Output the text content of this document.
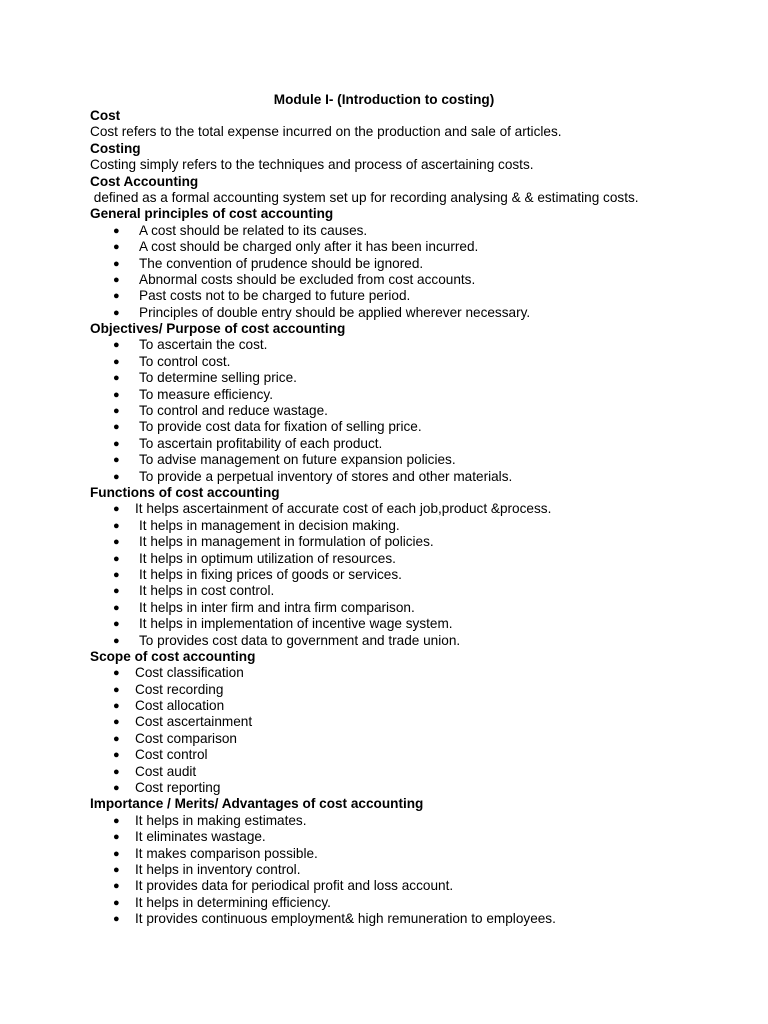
Module I- (Introduction to costing)
Cost
Cost refers to the total expense incurred on the production and sale of articles.
Costing
Costing simply refers to the techniques and process of ascertaining costs.
Cost Accounting
defined as a formal accounting system set up for recording analysing & & estimating costs.
General principles of cost accounting
● A cost should be related to its causes.
● A cost should be charged only after it has been incurred.
● The convention of prudence should be ignored.
● Abnormal costs should be excluded from cost accounts.
● Past costs not to be charged to future period.
● Principles of double entry should be applied wherever necessary.
Objectives/ Purpose of cost accounting
● To ascertain the cost.
● To control cost.
● To determine selling price.
● To measure efficiency.
● To control and reduce wastage.
● To provide cost data for fixation of selling price.
● To ascertain profitability of each product.
● To advise management on future expansion policies.
● To provide a perpetual inventory of stores and other materials.
Functions of cost accounting
● It helps ascertainment of accurate cost of each job,product &process.
● It helps in management in decision making.
● It helps in management in formulation of policies.
● It helps in optimum utilization of resources.
● It helps in fixing prices of goods or services.
● It helps in cost control.
● It helps in inter firm and intra firm comparison.
● It helps in implementation of incentive wage system.
● To provides cost data to government and trade union.
Scope of cost accounting
● Cost classification
● Cost recording
● Cost allocation
● Cost ascertainment
● Cost comparison
● Cost control
● Cost audit
● Cost reporting
Importance / Merits/ Advantages of cost accounting
● It helps in making estimates.
● It eliminates wastage.
● It makes comparison possible.
● It helps in inventory control.
● It provides data for periodical profit and loss account.
● It helps in determining efficiency.
● It provides continuous employment& high remuneration to employees.
